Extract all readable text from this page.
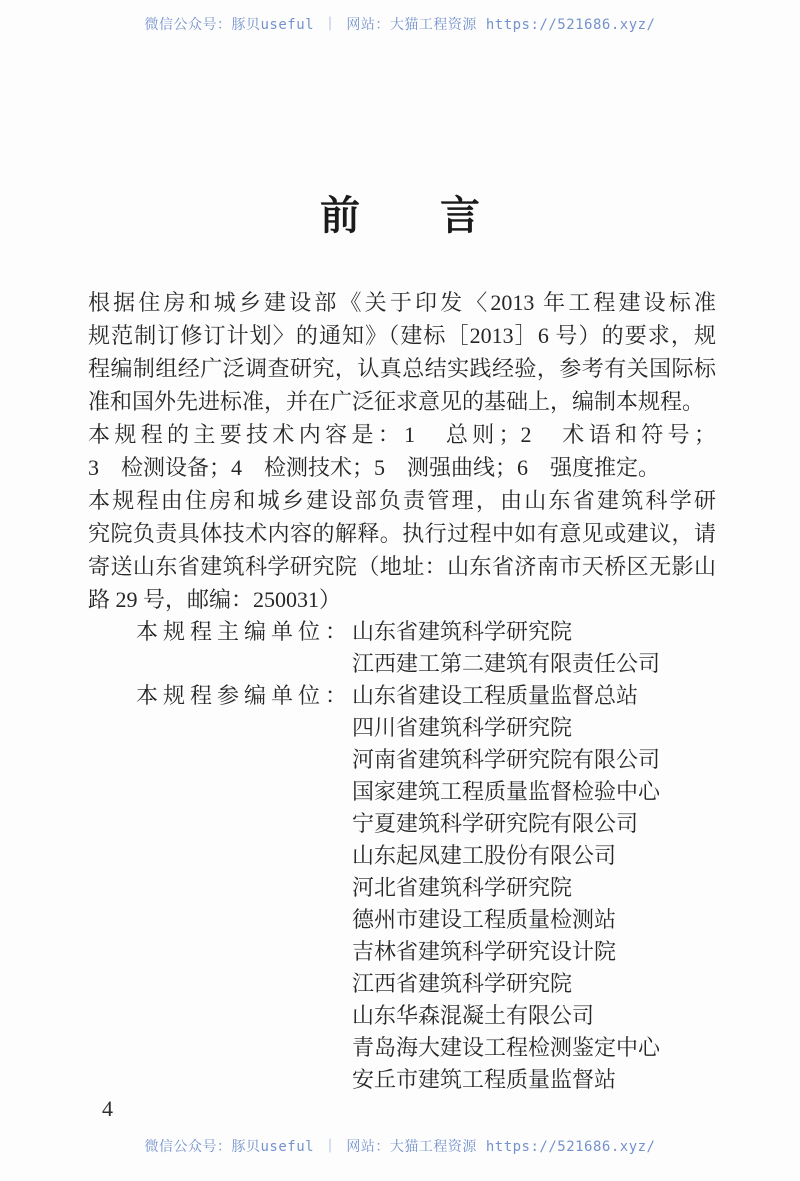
微信公众号：豚贝useful ｜ 网站：大猫工程资源 https://521686.xyz/
前　　言

根据住房和城乡建设部《关于印发〈2013 年工程建设标准
规范制订修订计划〉的通知》（建标［2013］6 号）的要求，规
程编制组经广泛调查研究，认真总结实践经验，参考有关国际标
准和国外先进标准，并在广泛征求意见的基础上，编制本规程。

本规程的主要技术内容是：1　总则；2　术语和符号；
3　检测设备；4　检测技术；5　测强曲线；6　强度推定。

本规程由住房和城乡建设部负责管理，由山东省建筑科学研
究院负责具体技术内容的解释。执行过程中如有意见或建议，请
寄送山东省建筑科学研究院（地址：山东省济南市天桥区无影山
路 29 号，邮编：250031）

本规程主编单位： 山东省建筑科学研究院
江西建工第二建筑有限责任公司
本规程参编单位： 山东省建设工程质量监督总站
四川省建筑科学研究院
河南省建筑科学研究院有限公司
国家建筑工程质量监督检验中心
宁夏建筑科学研究院有限公司
山东起凤建工股份有限公司
河北省建筑科学研究院
德州市建设工程质量检测站
吉林省建筑科学研究设计院
江西省建筑科学研究院
山东华森混凝土有限公司
青岛海大建设工程检测鉴定中心
安丘市建筑工程质量监督站
4
微信公众号：豚贝useful ｜ 网站：大猫工程资源 https://521686.xyz/
